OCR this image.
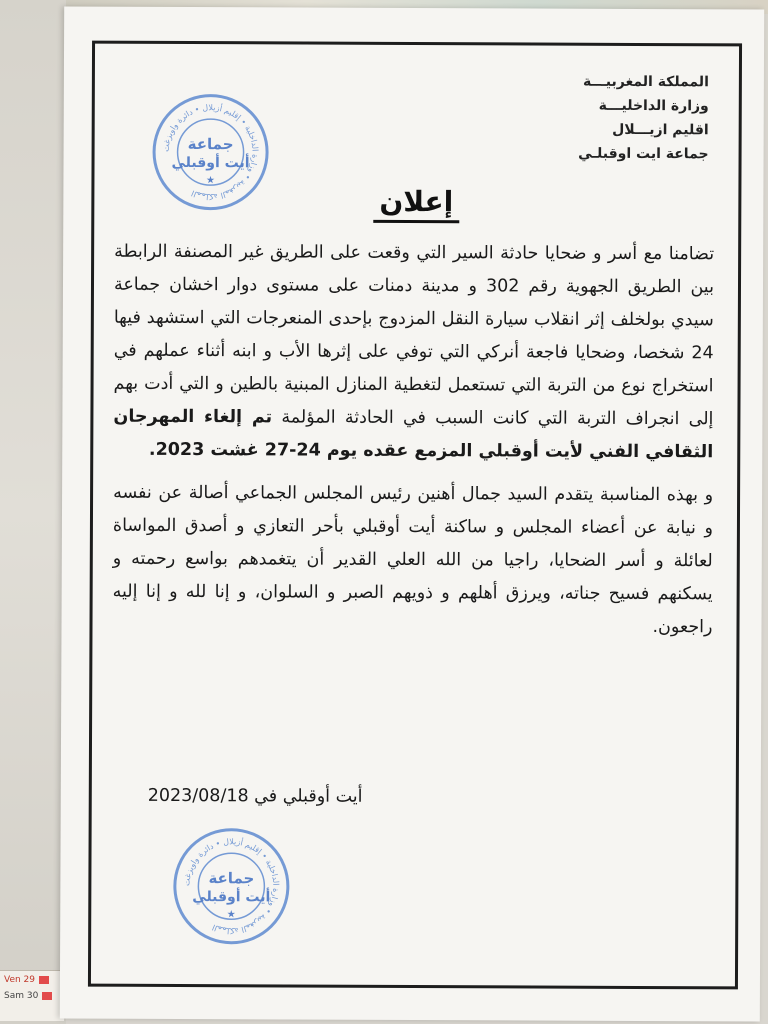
Ven 29
Sam 30
المملكة المغربيـــة
وزارة الداخليـــة
اقليم ازيـــلال
جماعة ايت اوقبلـي
المملكة المغربية • وزارة الداخلية • إقليم أزيلال • دائرة واويزغت
جماعة
أيت أوقبلي
★
إعلان

تضامنا مع أسر و ضحايا حادثة السير التي وقعت على الطريق غير المصنفة الرابطة بين الطريق الجهوية رقم 302 و مدينة دمنات على مستوى دوار اخشان جماعة سيدي بولخلف إثر انقلاب سيارة النقل المزدوج بإحدى المنعرجات التي استشهد فيها 24 شخصا، وضحايا فاجعة أنركي التي توفي على إثرها الأب و ابنه أثناء عملهم في استخراج نوع من التربة التي تستعمل لتغطية المنازل المبنية بالطين و التي أدت بهم إلى انجراف التربة التي كانت السبب في الحادثة المؤلمة تم إلغاء المهرجان الثقافي الفني لأيت أوقبلي المزمع عقده يوم 24-27 غشت 2023.

و بهذه المناسبة يتقدم السيد جمال أهنين رئيس المجلس الجماعي أصالة عن نفسه و نيابة عن أعضاء المجلس و ساكنة أيت أوقبلي بأحر التعازي و أصدق المواساة لعائلة و أسر الضحايا، راجيا من الله العلي القدير أن يتغمدهم بواسع رحمته و يسكنهم فسيح جناته، ويرزق أهلهم و ذويهم الصبر و السلوان، و إنا لله و إنا إليه راجعون.

أيت أوقبلي في 2023/08/18
المملكة المغربية • وزارة الداخلية • إقليم أزيلال • دائرة واويزغت
جماعة
أيت أوقبلي
★
